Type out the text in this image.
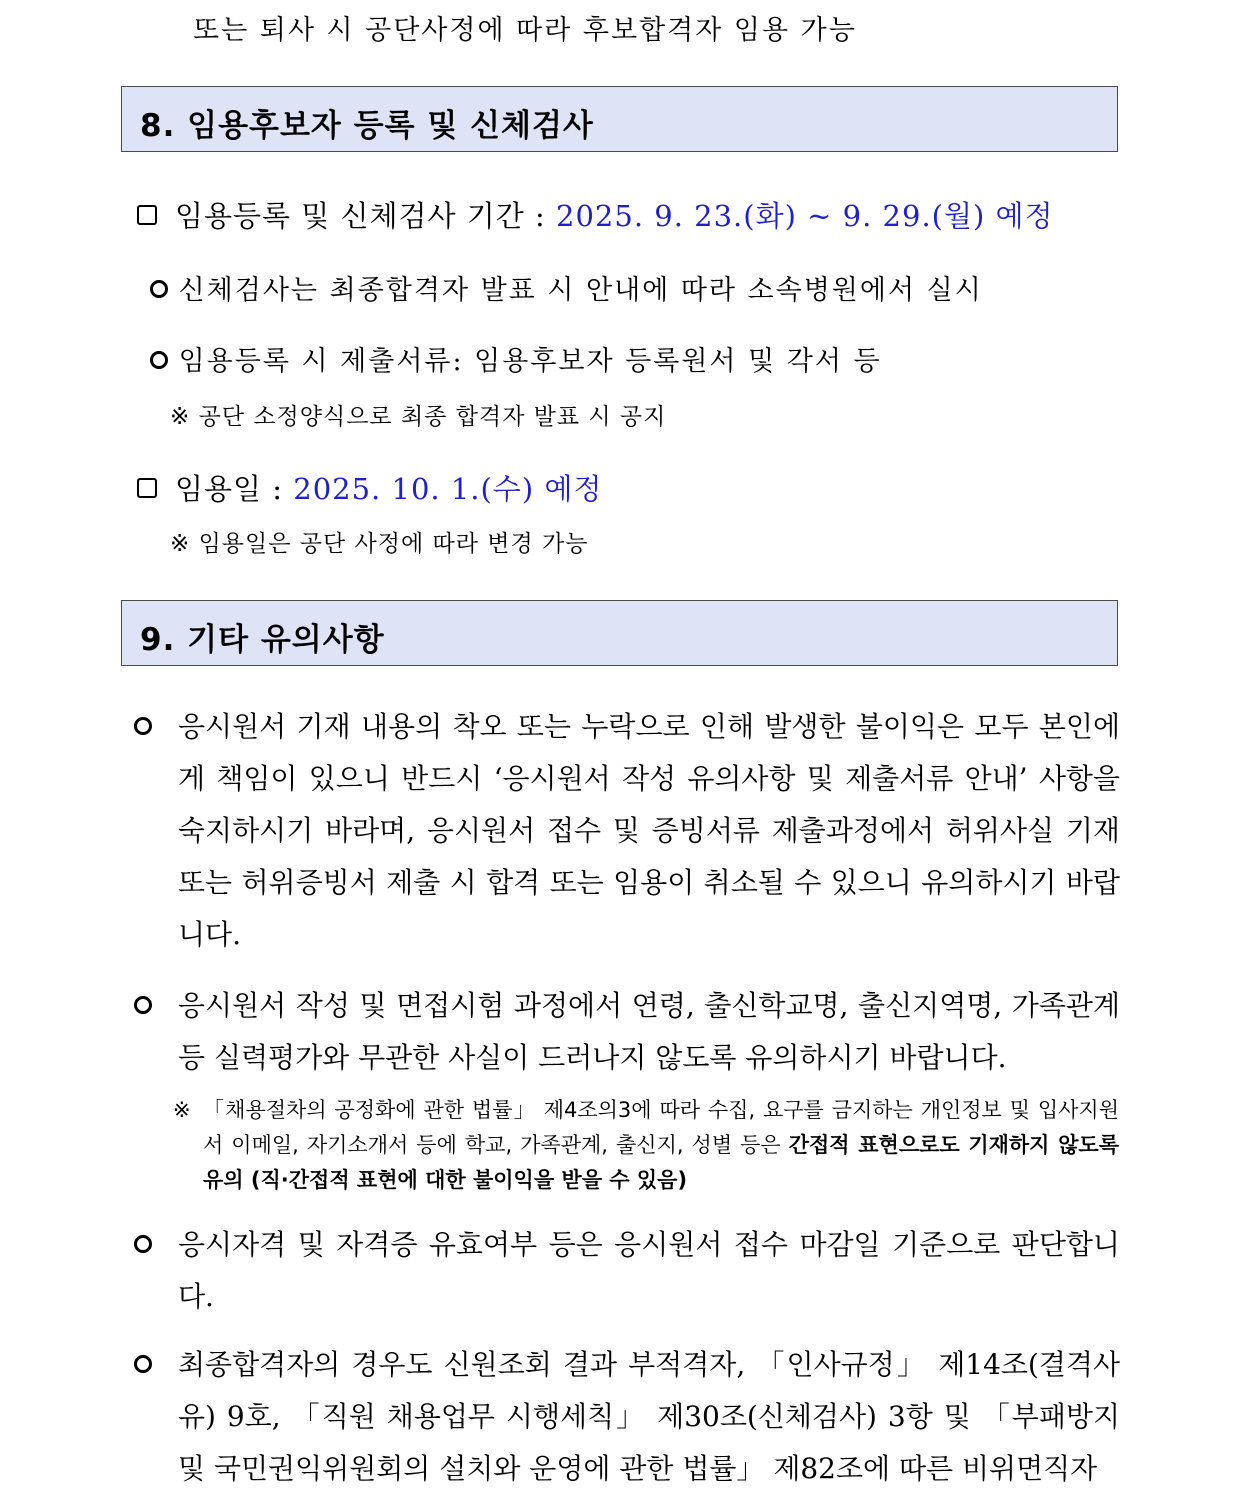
또는 퇴사 시 공단사정에 따라 후보합격자 임용 가능
8. 임용후보자 등록 및 신체검사
임용등록 및 신체검사 기간 : 2025. 9. 23.(화) ~ 9. 29.(월) 예정
신체검사는 최종합격자 발표 시 안내에 따라 소속병원에서 실시
임용등록 시 제출서류: 임용후보자 등록원서 및 각서 등
※ 공단 소정양식으로 최종 합격자 발표 시 공지
임용일 : 2025. 10. 1.(수) 예정
※ 임용일은 공단 사정에 따라 변경 가능
9. 기타 유의사항
응시원서 기재 내용의 착오 또는 누락으로 인해 발생한 불이익은 모두 본인에게 책임이 있으니 반드시 ‘응시원서 작성 유의사항 및 제출서류 안내’ 사항을 숙지하시기 바라며, 응시원서 접수 및 증빙서류 제출과정에서 허위사실 기재 또는 허위증빙서 제출 시 합격 또는 임용이 취소될 수 있으니 유의하시기 바랍니다.
응시원서 작성 및 면접시험 과정에서 연령, 출신학교명, 출신지역명, 가족관계 등 실력평가와 무관한 사실이 드러나지 않도록 유의하시기 바랍니다.
※ 「채용절차의 공정화에 관한 법률」 제4조의3에 따라 수집, 요구를 금지하는 개인정보 및 입사지원서 이메일, 자기소개서 등에 학교, 가족관계, 출신지, 성별 등은 간접적 표현으로도 기재하지 않도록 유의 (직·간접적 표현에 대한 불이익을 받을 수 있음)
응시자격 및 자격증 유효여부 등은 응시원서 접수 마감일 기준으로 판단합니다.
최종합격자의 경우도 신원조회 결과 부적격자, 「인사규정」 제14조(결격사유) 9호, 「직원 채용업무 시행세칙」 제30조(신체검사) 3항 및 「부패방지 및 국민권익위원회의 설치와 운영에 관한 법률」 제82조에 따른 비위면직자
